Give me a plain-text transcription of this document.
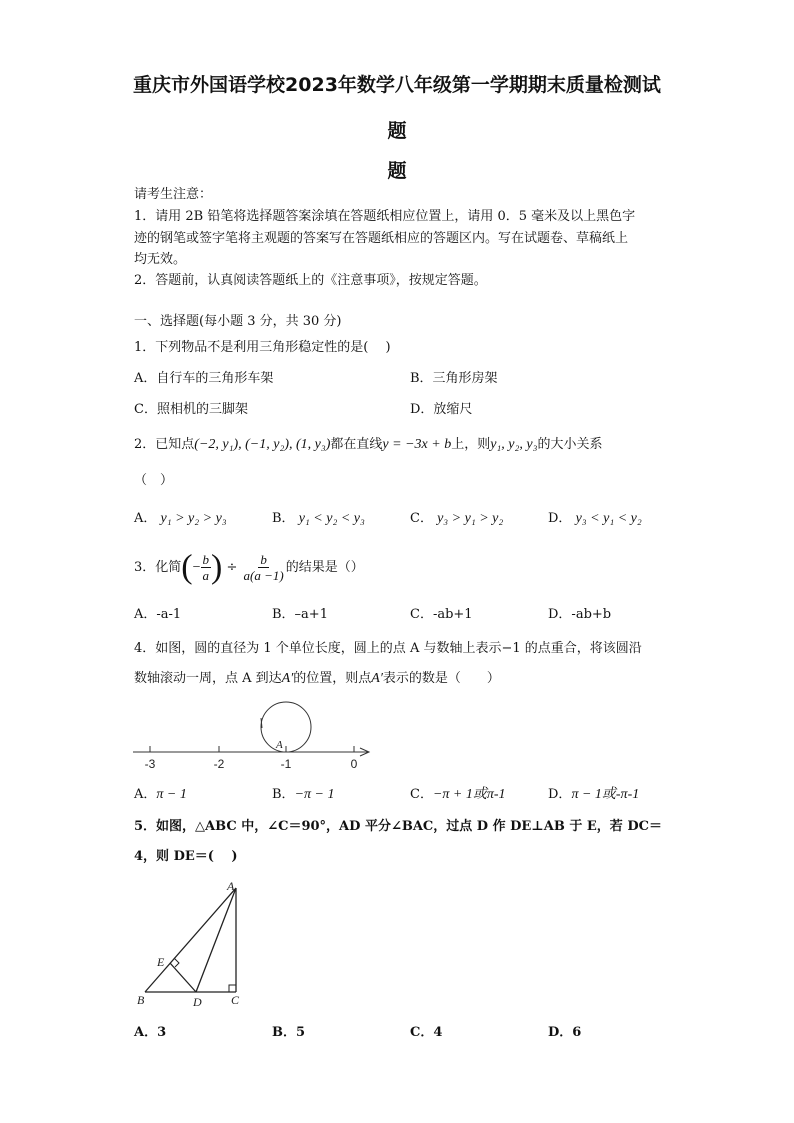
重庆市外国语学校2023年数学八年级第一学期期末质量检测试
题
题
请考生注意：
1．请用 2B 铅笔将选择题答案涂填在答题纸相应位置上，请用 0．5 毫米及以上黑色字
迹的钢笔或签字笔将主观题的答案写在答题纸相应的答题区内。写在试题卷、草稿纸上
均无效。
2．答题前，认真阅读答题纸上的《注意事项》，按规定答题。
一、选择题(每小题 3 分，共 30 分)
1．下列物品不是利用三角形稳定性的是(　 )
A．自行车的三角形车架	B．三角形房架
C．照相机的三脚架	D．放缩尺
2．已知点(−2, y₁), (−1, y₂), (1, y₃)都在直线y = −3x + b上，则y₁, y₂, y₃的大小关系
（　）
A． y₁ > y₂ > y₃	B． y₁ < y₂ < y₃	C． y₃ > y₁ > y₂	D． y₃ < y₁ < y₂
3．化简(− $\frac{b}{a}$ ) ÷ $\frac{b}{a(a -1)}$ 的结果是（）
A．-a-1	B．–a+1	C．-ab+1	D．-ab+b
4．如图，圆的直径为 1 个单位长度，圆上的点 A 与数轴上表示−1 的点重合，将该圆沿
数轴滚动一周，点 A 到达A′的位置，则点A′表示的数是（　　）
-3	-2	-1	0
A
A．π − 1	B．−π − 1	C．−π + 1或π-1	D．π − 1或-π-1
5．如图，△ABC 中，∠C＝90°，AD 平分∠BAC，过点 D 作 DE⊥AB 于 E，若 DC＝
4，则 DE＝(　 )
A
E
B	D C
A．3	B．5	C．4	D．6
